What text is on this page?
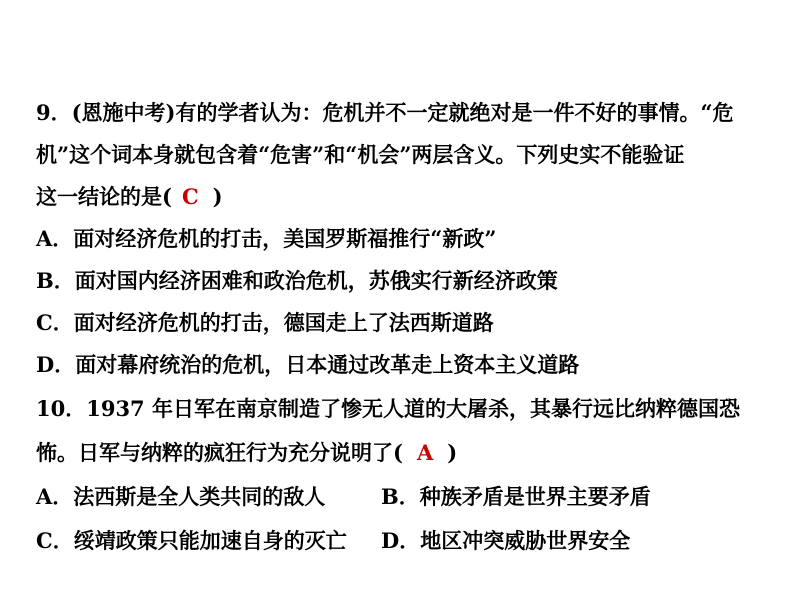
9．(恩施中考)有的学者认为：危机并不一定就绝对是一件不好的事情。“危
机”这个词本身就包含着“危害”和“机会”两层含义。下列史实不能验证
这一结论的是( C )
A．面对经济危机的打击，美国罗斯福推行“新政”
B．面对国内经济困难和政治危机，苏俄实行新经济政策
C．面对经济危机的打击，德国走上了法西斯道路
D．面对幕府统治的危机，日本通过改革走上资本主义道路
10．1937 年日军在南京制造了惨无人道的大屠杀，其暴行远比纳粹德国恐
怖。日军与纳粹的疯狂行为充分说明了( A )
A．法西斯是全人类共同的敌人	B．种族矛盾是世界主要矛盾
C．绥靖政策只能加速自身的灭亡 D．地区冲突威胁世界安全
